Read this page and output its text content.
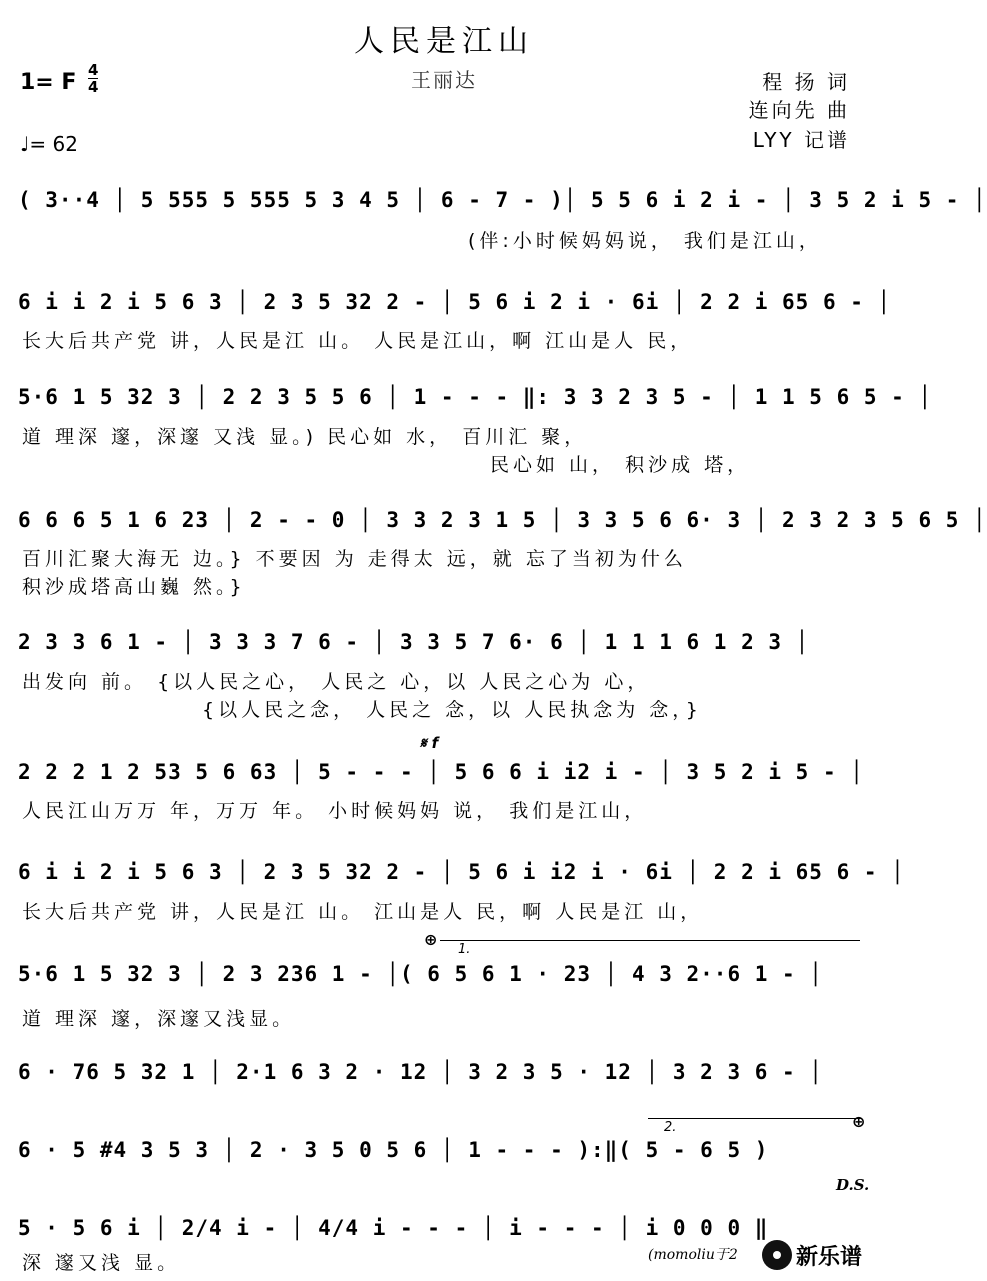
人民是江山
王丽达
1= F 4
4
♩= 62
程 扬 词
连向先 曲
LYY 记谱
( 3··4 │ 5 555 5 555 5 3 4 5 │ 6 - 7 - )│ 5 5 6 i 2 i - │ 3 5 2 i 5 - │
6 i i 2 i 5 6 3 │ 2 3 5 32 2 - │ 5 6 i 2 i · 6i │ 2 2 i 65 6 - │
5·6 1 5 32 3 │ 2 2 3 5 5 6 │ 1 - - - ‖: 3 3 2 3 5 - │ 1 1 5 6 5 - │
6 6 6 5 1 6 23 │ 2 - - 0 │ 3 3 2 3 1 5 │ 3 3 5 6 6· 3 │ 2 3 2 3 5 6 5 │
2 3 3 6 1 - │ 3 3 3 7 6 - │ 3 3 5 7 6· 6 │ 1 1 1 6 1 2 3 │
2 2 2 1 2 53 5 6 63 │ 5 - - - │ 5 6 6 i i2 i - │ 3 5 2 i 5 - │
6 i i 2 i 5 6 3 │ 2 3 5 32 2 - │ 5 6 i i2 i · 6i │ 2 2 i 65 6 - │
5·6 1 5 32 3 │ 2 3 236 1 - │( 6 5 6 1 · 23 │ 4 3 2··6 1 - │
6 · 76 5 32 1 │ 2·1 6 3 2 · 12 │ 3 2 3 5 · 12 │ 3 2 3 6 - │
6 · 5 #4 3 5 3 │ 2 · 3 5 0 5 6 │ 1 - - - ):‖( 5 - 6 5 )
5 · 5 6 i │ 2/4 i - │ 4/4 i - - - │ i - - - │ i 0 0 0 ‖
(伴:小时候妈妈说， 我们是江山，
长大后共产党 讲，人民是江 山。 人民是江山，啊 江山是人 民，
道 理深 邃，深邃 又浅 显。) 民心如 水， 百川汇 聚，
民心如 山， 积沙成 塔，
百川汇聚大海无 边。} 不要因 为 走得太 远，就 忘了当初为什么
积沙成塔高山巍 然。}
出发向 前。 {以人民之心， 人民之 心，以 人民之心为 心，
{以人民之念， 人民之 念，以 人民执念为 念，}
人民江山万万 年，万万 年。 小时候妈妈 说， 我们是江山，
长大后共产党 讲，人民是江 山。 江山是人 民，啊 人民是江 山，
道 理深 邃，深邃又浅显。
深 邃又浅 显。
𝄋 f
1.
2.
⊕
⊕
D.S.
(momoliu于2	新乐谱
